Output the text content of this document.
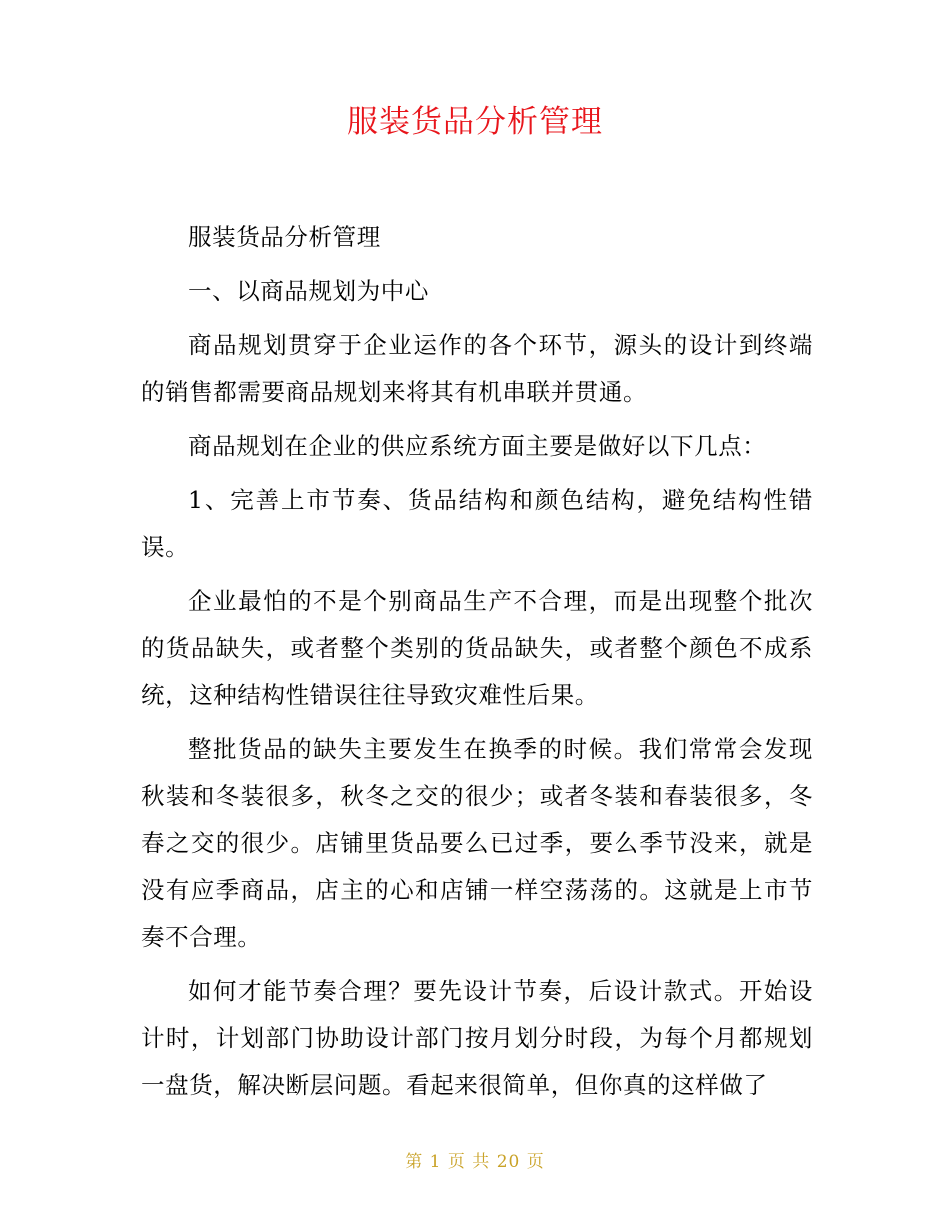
服装货品分析管理

服装货品分析管理

一、以商品规划为中心

商品规划贯穿于企业运作的各个环节，源头的设计到终端的销售都需要商品规划来将其有机串联并贯通。

商品规划在企业的供应系统方面主要是做好以下几点：

1、完善上市节奏、货品结构和颜色结构，避免结构性错误。

企业最怕的不是个别商品生产不合理，而是出现整个批次的货品缺失，或者整个类别的货品缺失，或者整个颜色不成系统，这种结构性错误往往导致灾难性后果。

整批货品的缺失主要发生在换季的时候。我们常常会发现秋装和冬装很多，秋冬之交的很少；或者冬装和春装很多，冬春之交的很少。店铺里货品要么已过季，要么季节没来，就是没有应季商品，店主的心和店铺一样空荡荡的。这就是上市节奏不合理。

如何才能节奏合理？要先设计节奏，后设计款式。开始设计时，计划部门协助设计部门按月划分时段，为每个月都规划一盘货，解决断层问题。看起来很简单，但你真的这样做了

第 1 页 共 20 页
